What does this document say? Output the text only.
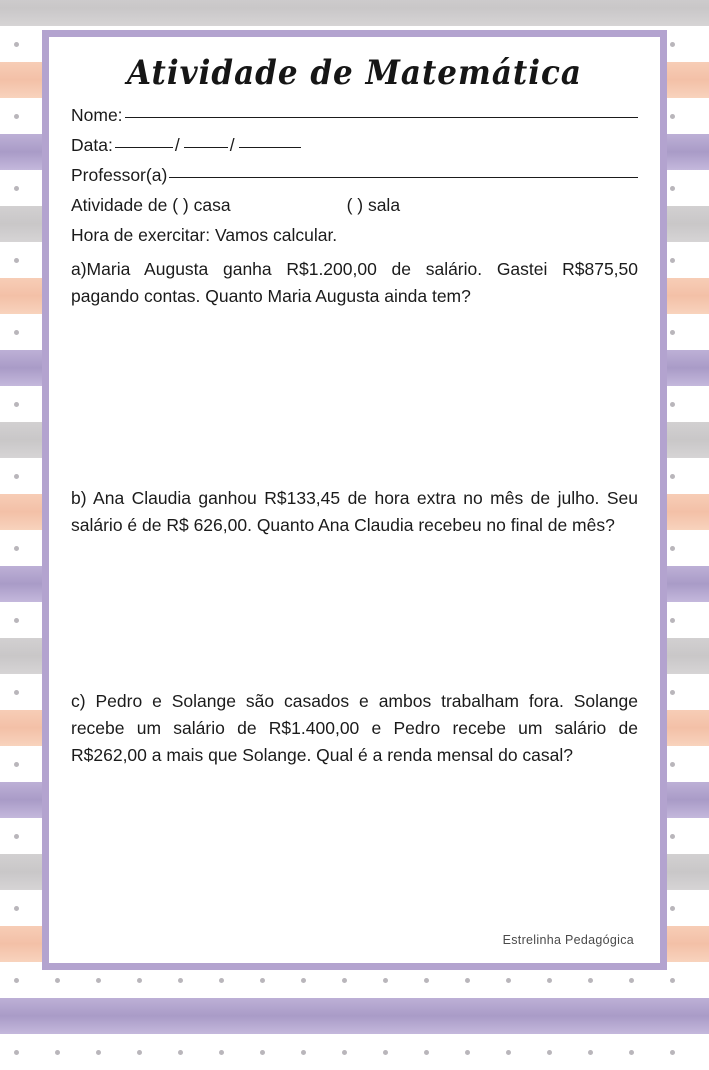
Atividade de Matemática
Nome:
Data:	/	/
Professor(a)
Atividade de
( ) casa	( ) sala
Hora de exercitar: Vamos calcular.

a)Maria Augusta ganha R$1.200,00 de salário. Gastei R$875,50 pagando contas. Quanto Maria Augusta ainda tem?

b) Ana Claudia ganhou R$133,45 de hora extra no mês de julho. Seu salário é de R$ 626,00. Quanto Ana Claudia recebeu no final de mês?

c) Pedro e Solange são casados e ambos trabalham fora. Solange recebe um salário de R$1.400,00 e Pedro recebe um salário de R$262,00 a mais que Solange. Qual é a renda mensal do casal?

Estrelinha Pedagógica
